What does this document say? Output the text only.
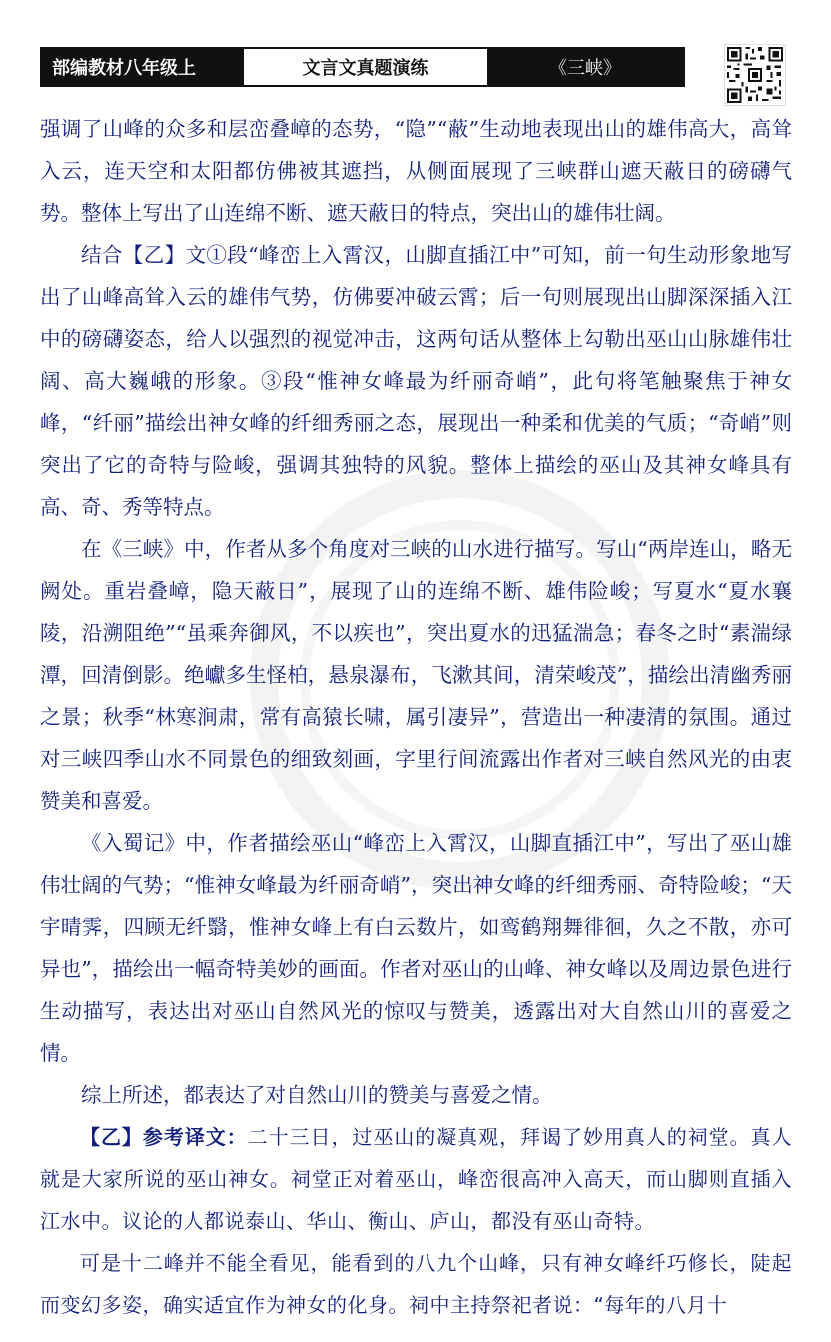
部编教材八年级上	文言文真题演练	《三峡》

强调了山峰的众多和层峦叠嶂的态势，“隐”“蔽”生动地表现出山的雄伟高大，高耸入云，连天空和太阳都仿佛被其遮挡，从侧面展现了三峡群山遮天蔽日的磅礴气势。整体上写出了山连绵不断、遮天蔽日的特点，突出山的雄伟壮阔。

结合【乙】文①段“峰峦上入霄汉，山脚直插江中”可知，前一句生动形象地写出了山峰高耸入云的雄伟气势，仿佛要冲破云霄；后一句则展现出山脚深深插入江中的磅礴姿态，给人以强烈的视觉冲击，这两句话从整体上勾勒出巫山山脉雄伟壮阔、高大巍峨的形象。③段“惟神女峰最为纤丽奇峭”，此句将笔触聚焦于神女峰，“纤丽”描绘出神女峰的纤细秀丽之态，展现出一种柔和优美的气质；“奇峭”则突出了它的奇特与险峻，强调其独特的风貌。整体上描绘的巫山及其神女峰具有高、奇、秀等特点。

在《三峡》中，作者从多个角度对三峡的山水进行描写。写山“两岸连山，略无阙处。重岩叠嶂，隐天蔽日”，展现了山的连绵不断、雄伟险峻；写夏水“夏水襄陵，沿溯阻绝”“虽乘奔御风，不以疾也”，突出夏水的迅猛湍急；春冬之时“素湍绿潭，回清倒影。绝巘多生怪柏，悬泉瀑布，飞漱其间，清荣峻茂”，描绘出清幽秀丽之景；秋季“林寒涧肃，常有高猿长啸，属引凄异”，营造出一种凄清的氛围。通过对三峡四季山水不同景色的细致刻画，字里行间流露出作者对三峡自然风光的由衷赞美和喜爱。

《入蜀记》中，作者描绘巫山“峰峦上入霄汉，山脚直插江中”，写出了巫山雄伟壮阔的气势；“惟神女峰最为纤丽奇峭”，突出神女峰的纤细秀丽、奇特险峻；“天宇晴霁，四顾无纤翳，惟神女峰上有白云数片，如鸾鹤翔舞徘徊，久之不散，亦可异也”，描绘出一幅奇特美妙的画面。作者对巫山的山峰、神女峰以及周边景色进行生动描写，表达出对巫山自然风光的惊叹与赞美，透露出对大自然山川的喜爱之情。

综上所述，都表达了对自然山川的赞美与喜爱之情。

【乙】参考译文：二十三日，过巫山的凝真观，拜谒了妙用真人的祠堂。真人就是大家所说的巫山神女。祠堂正对着巫山，峰峦很高冲入高天，而山脚则直插入江水中。议论的人都说泰山、华山、衡山、庐山，都没有巫山奇特。

可是十二峰并不能全看见，能看到的八九个山峰，只有神女峰纤巧修长，陡起而变幻多姿，确实适宜作为神女的化身。祠中主持祭祀者说：“每年的八月十
